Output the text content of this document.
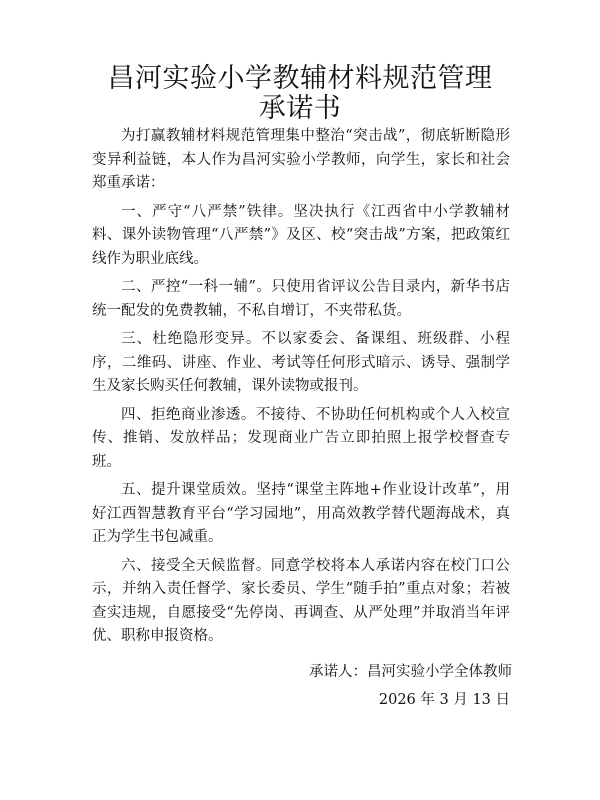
昌河实验小学教辅材料规范管理
承诺书

为打赢教辅材料规范管理集中整治“突击战”，彻底斩断隐形变异利益链，本人作为昌河实验小学教师，向学生，家长和社会郑重承诺：

一、严守“八严禁”铁律。坚决执行《江西省中小学教辅材料、课外读物管理“八严禁”》及区、校“突击战”方案，把政策红线作为职业底线。

二、严控“一科一辅”。只使用省评议公告目录内，新华书店统一配发的免费教辅，不私自增订，不夹带私货。

三、杜绝隐形变异。不以家委会、备课组、班级群、小程序，二维码、讲座、作业、考试等任何形式暗示、诱导、强制学生及家长购买任何教辅，课外读物或报刊。

四、拒绝商业渗透。不接待、不协助任何机构或个人入校宣传、推销、发放样品；发现商业广告立即拍照上报学校督查专班。

五、提升课堂质效。坚持“课堂主阵地+作业设计改革”，用好江西智慧教育平台“学习园地”，用高效教学替代题海战术，真正为学生书包减重。

六、接受全天候监督。同意学校将本人承诺内容在校门口公示，并纳入责任督学、家长委员、学生“随手拍”重点对象；若被查实违规，自愿接受“先停岗、再调查、从严处理”并取消当年评优、职称申报资格。

承诺人：昌河实验小学全体教师
2026 年 3 月 13 日
